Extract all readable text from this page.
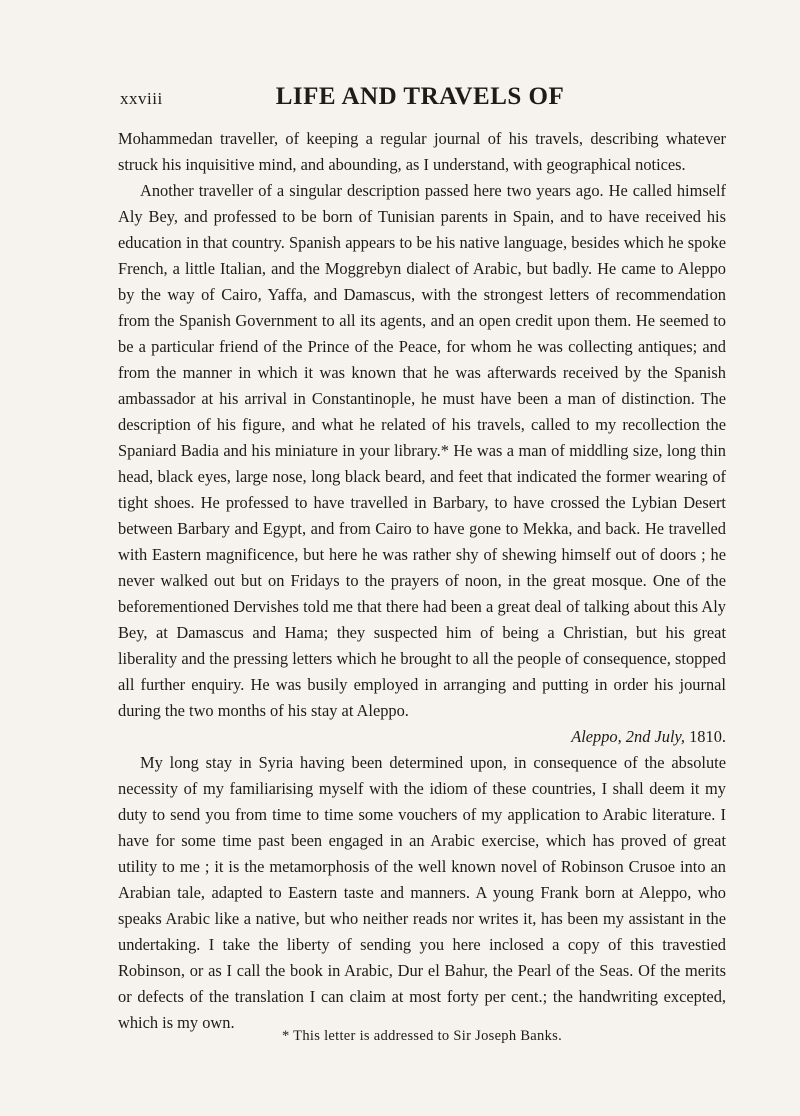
xxviii	LIFE AND TRAVELS OF

Mohammedan traveller, of keeping a regular journal of his travels, describing whatever struck his inquisitive mind, and abounding, as I understand, with geographical notices.

Another traveller of a singular description passed here two years ago. He called himself Aly Bey, and professed to be born of Tunisian parents in Spain, and to have received his education in that country. Spanish appears to be his native language, besides which he spoke French, a little Italian, and the Moggrebyn dialect of Arabic, but badly. He came to Aleppo by the way of Cairo, Yaffa, and Damascus, with the strongest letters of recommendation from the Spanish Government to all its agents, and an open credit upon them. He seemed to be a particular friend of the Prince of the Peace, for whom he was collecting antiques; and from the manner in which it was known that he was afterwards received by the Spanish ambassador at his arrival in Constantinople, he must have been a man of distinction. The description of his figure, and what he related of his travels, called to my recollection the Spaniard Badia and his miniature in your library.* He was a man of middling size, long thin head, black eyes, large nose, long black beard, and feet that indicated the former wearing of tight shoes. He professed to have travelled in Barbary, to have crossed the Lybian Desert between Barbary and Egypt, and from Cairo to have gone to Mekka, and back. He travelled with Eastern magnificence, but here he was rather shy of shewing himself out of doors ; he never walked out but on Fridays to the prayers of noon, in the great mosque. One of the beforementioned Dervishes told me that there had been a great deal of talking about this Aly Bey, at Damascus and Hama; they suspected him of being a Christian, but his great liberality and the pressing letters which he brought to all the people of consequence, stopped all further enquiry. He was busily employed in arranging and putting in order his journal during the two months of his stay at Aleppo.

Aleppo, 2nd July, 1810.

My long stay in Syria having been determined upon, in consequence of the absolute necessity of my familiarising myself with the idiom of these countries, I shall deem it my duty to send you from time to time some vouchers of my application to Arabic literature. I have for some time past been engaged in an Arabic exercise, which has proved of great utility to me ; it is the metamorphosis of the well known novel of Robinson Crusoe into an Arabian tale, adapted to Eastern taste and manners. A young Frank born at Aleppo, who speaks Arabic like a native, but who neither reads nor writes it, has been my assistant in the undertaking. I take the liberty of sending you here inclosed a copy of this travestied Robinson, or as I call the book in Arabic, Dur el Bahur, the Pearl of the Seas. Of the merits or defects of the translation I can claim at most forty per cent.; the handwriting excepted, which is my own.

* This letter is addressed to Sir Joseph Banks.
